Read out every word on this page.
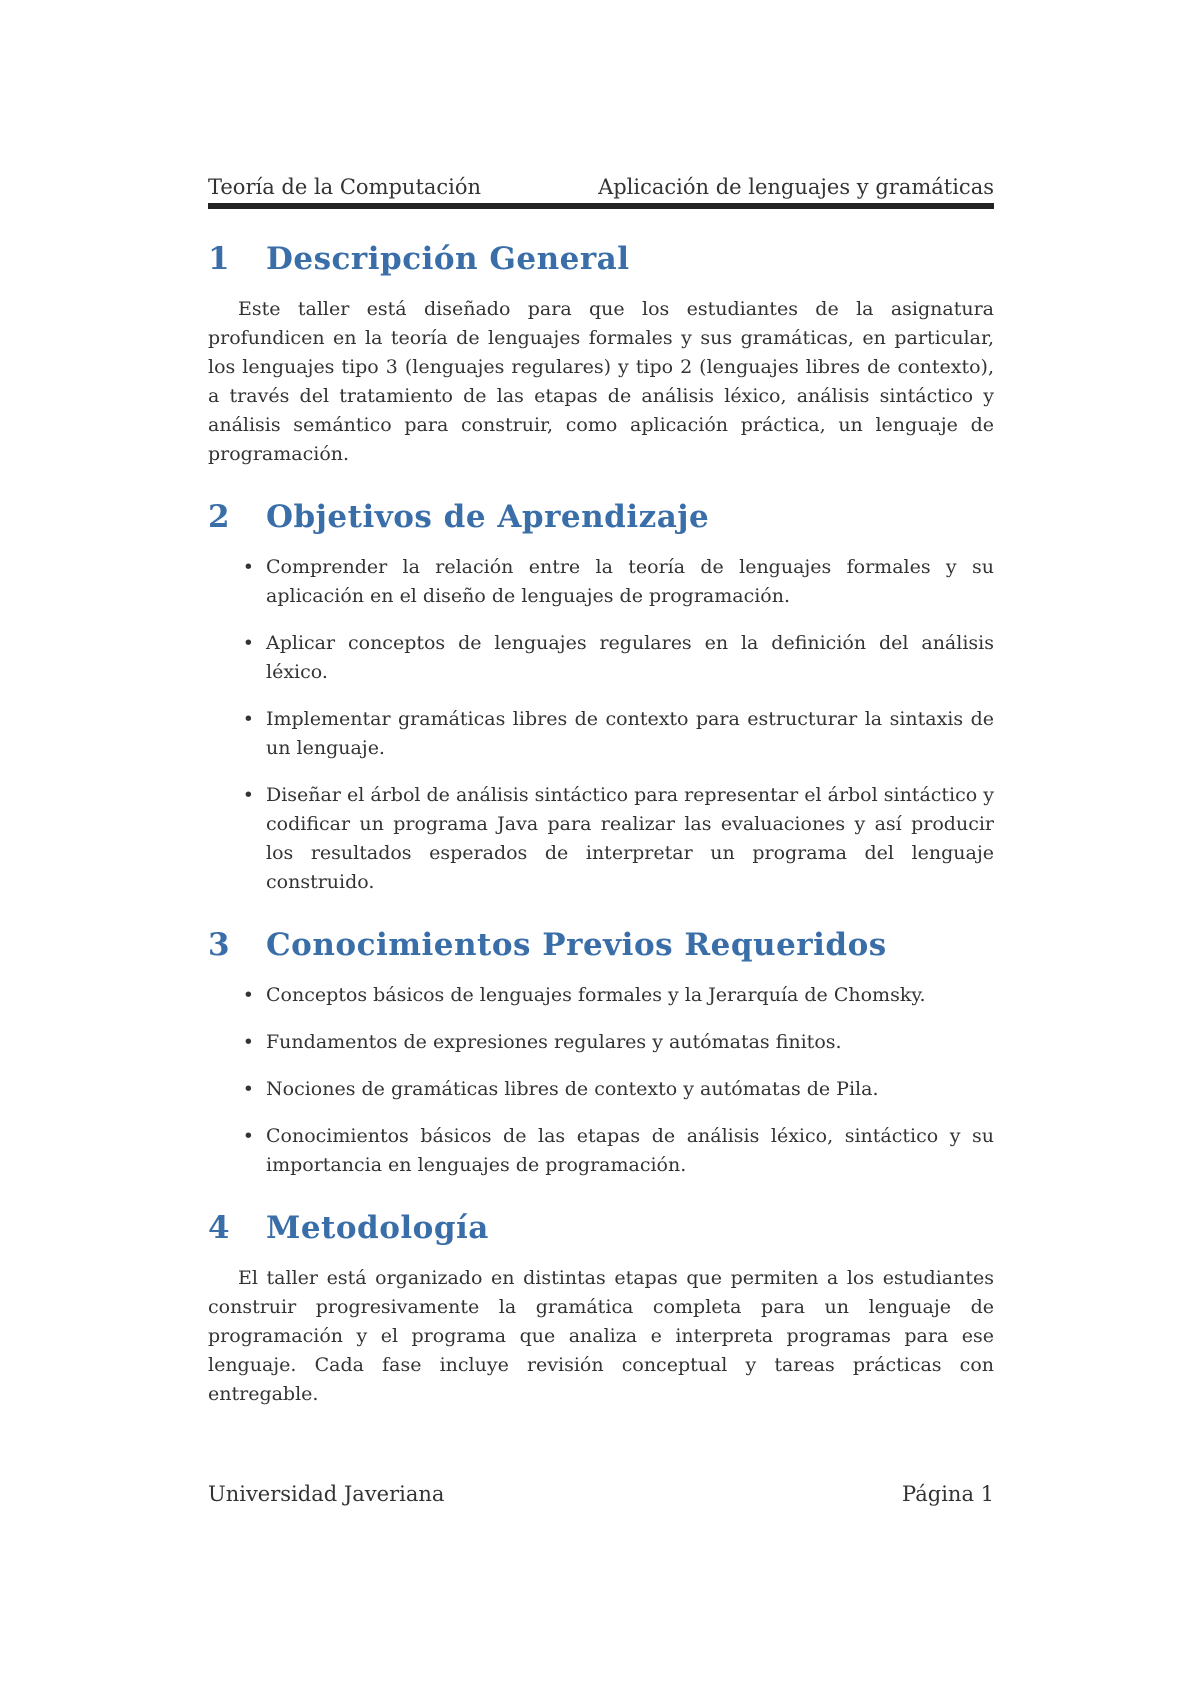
Teoría de la Computación	Aplicación de lenguajes y gramáticas
1	Descripción General

Este taller está diseñado para que los estudiantes de la asignatura profundicen en la teoría de lenguajes formales y sus gramáticas, en particular, los lenguajes tipo 3 (lenguajes regulares) y tipo 2 (lenguajes libres de contexto), a través del tratamiento de las etapas de análisis léxico, análisis sintáctico y análisis semántico para construir, como aplicación práctica, un lenguaje de programación.

2	Objetivos de Aprendizaje
• Comprender la relación entre la teoría de lenguajes formales y su aplicación en el diseño de lenguajes de programación.
• Aplicar conceptos de lenguajes regulares en la definición del análisis léxico.
• Implementar gramáticas libres de contexto para estructurar la sintaxis de un lenguaje.
• Diseñar el árbol de análisis sintáctico para representar el árbol sintáctico y codificar un programa Java para realizar las evaluaciones y así producir los resultados esperados de interpretar un programa del lenguaje construido.
3	Conocimientos Previos Requeridos
• Conceptos básicos de lenguajes formales y la Jerarquía de Chomsky.
• Fundamentos de expresiones regulares y autómatas finitos.
• Nociones de gramáticas libres de contexto y autómatas de Pila.
• Conocimientos básicos de las etapas de análisis léxico, sintáctico y su importancia en lenguajes de programación.
4	Metodología

El taller está organizado en distintas etapas que permiten a los estudiantes construir progresivamente la gramática completa para un lenguaje de programación y el programa que analiza e interpreta programas para ese lenguaje. Cada fase incluye revisión conceptual y tareas prácticas con entregable.

Universidad Javeriana	Página 1
